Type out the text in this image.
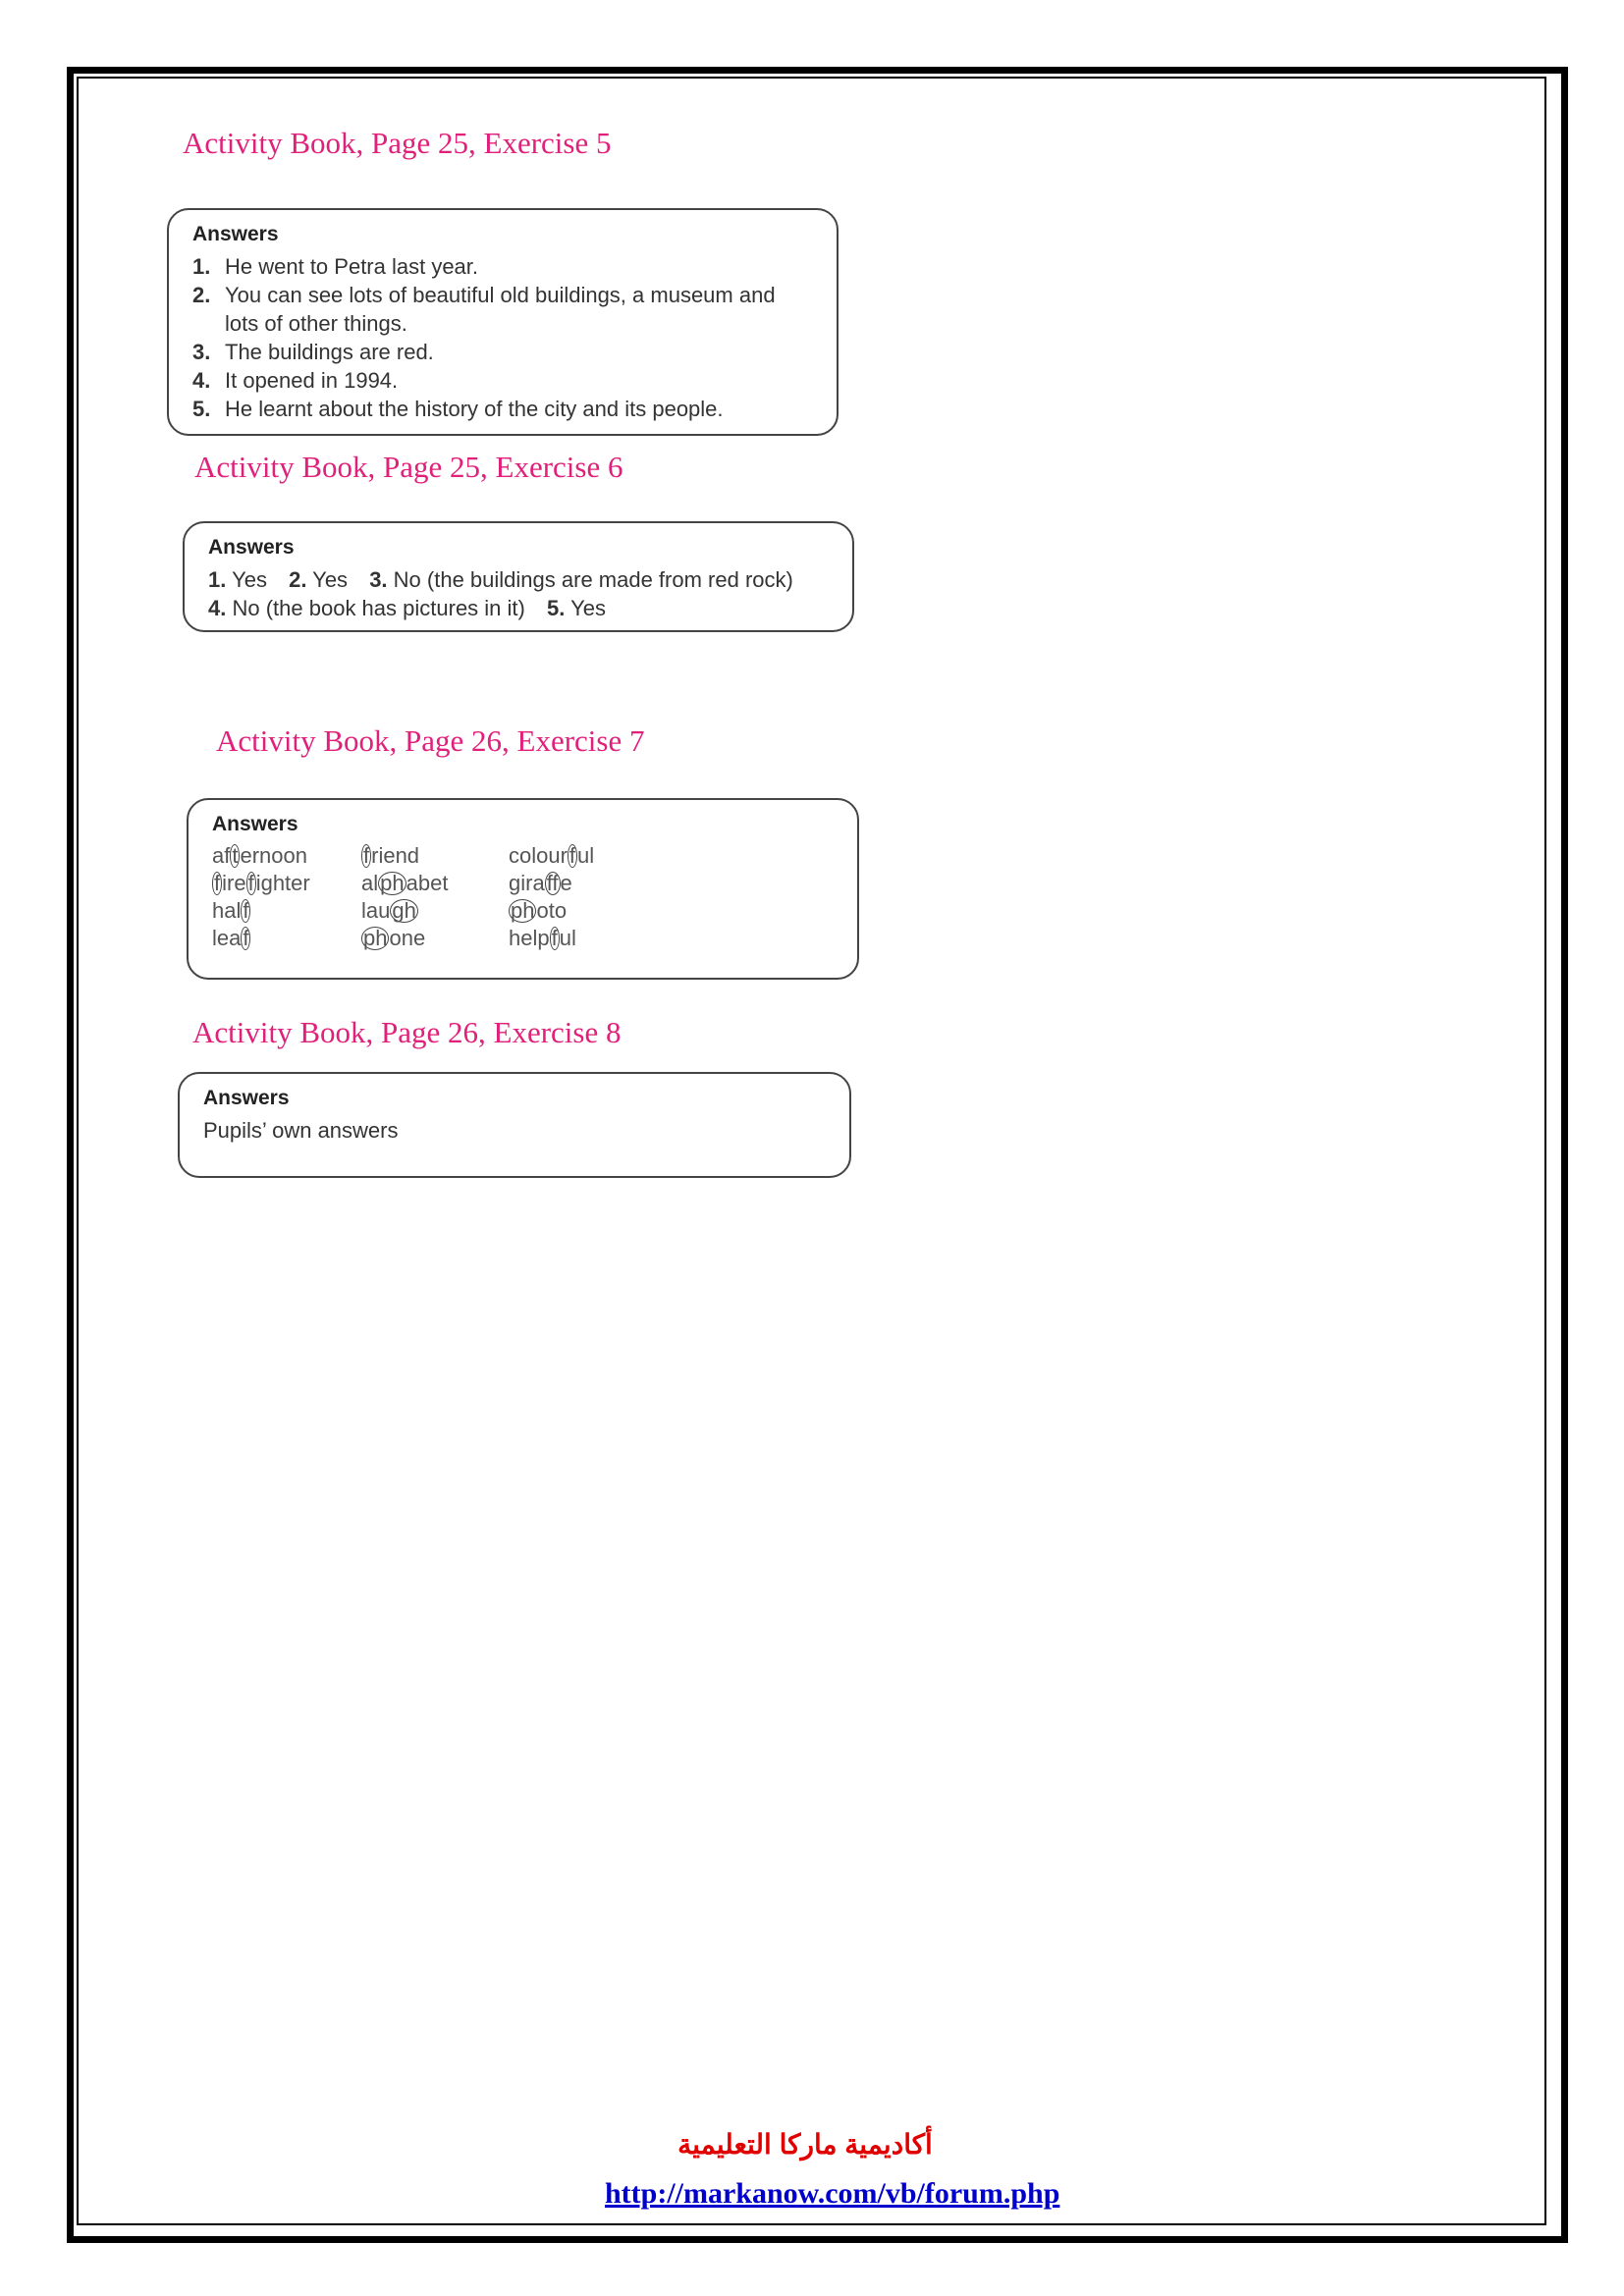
Activity Book, Page 25, Exercise 5
Answers
1. He went to Petra last year.
2. You can see lots of beautiful old buildings, a museum and lots of other things.
3. The buildings are red.
4. It opened in 1994.
5. He learnt about the history of the city and its people.
Activity Book, Page 25, Exercise 6
Answers
1. Yes 2. Yes 3. No (the buildings are made from red rock) 4. No (the book has pictures in it) 5. Yes
Activity Book, Page 26, Exercise 7
Answers
afternoon	friend	colourful
firefighter	alphabet	giraffe
half	laugh	photo
leaf	phone	helpful
Activity Book, Page 26, Exercise 8
Answers
Pupils’ own answers
أكاديمية ماركا التعليمية
http://markanow.com/vb/forum.php
